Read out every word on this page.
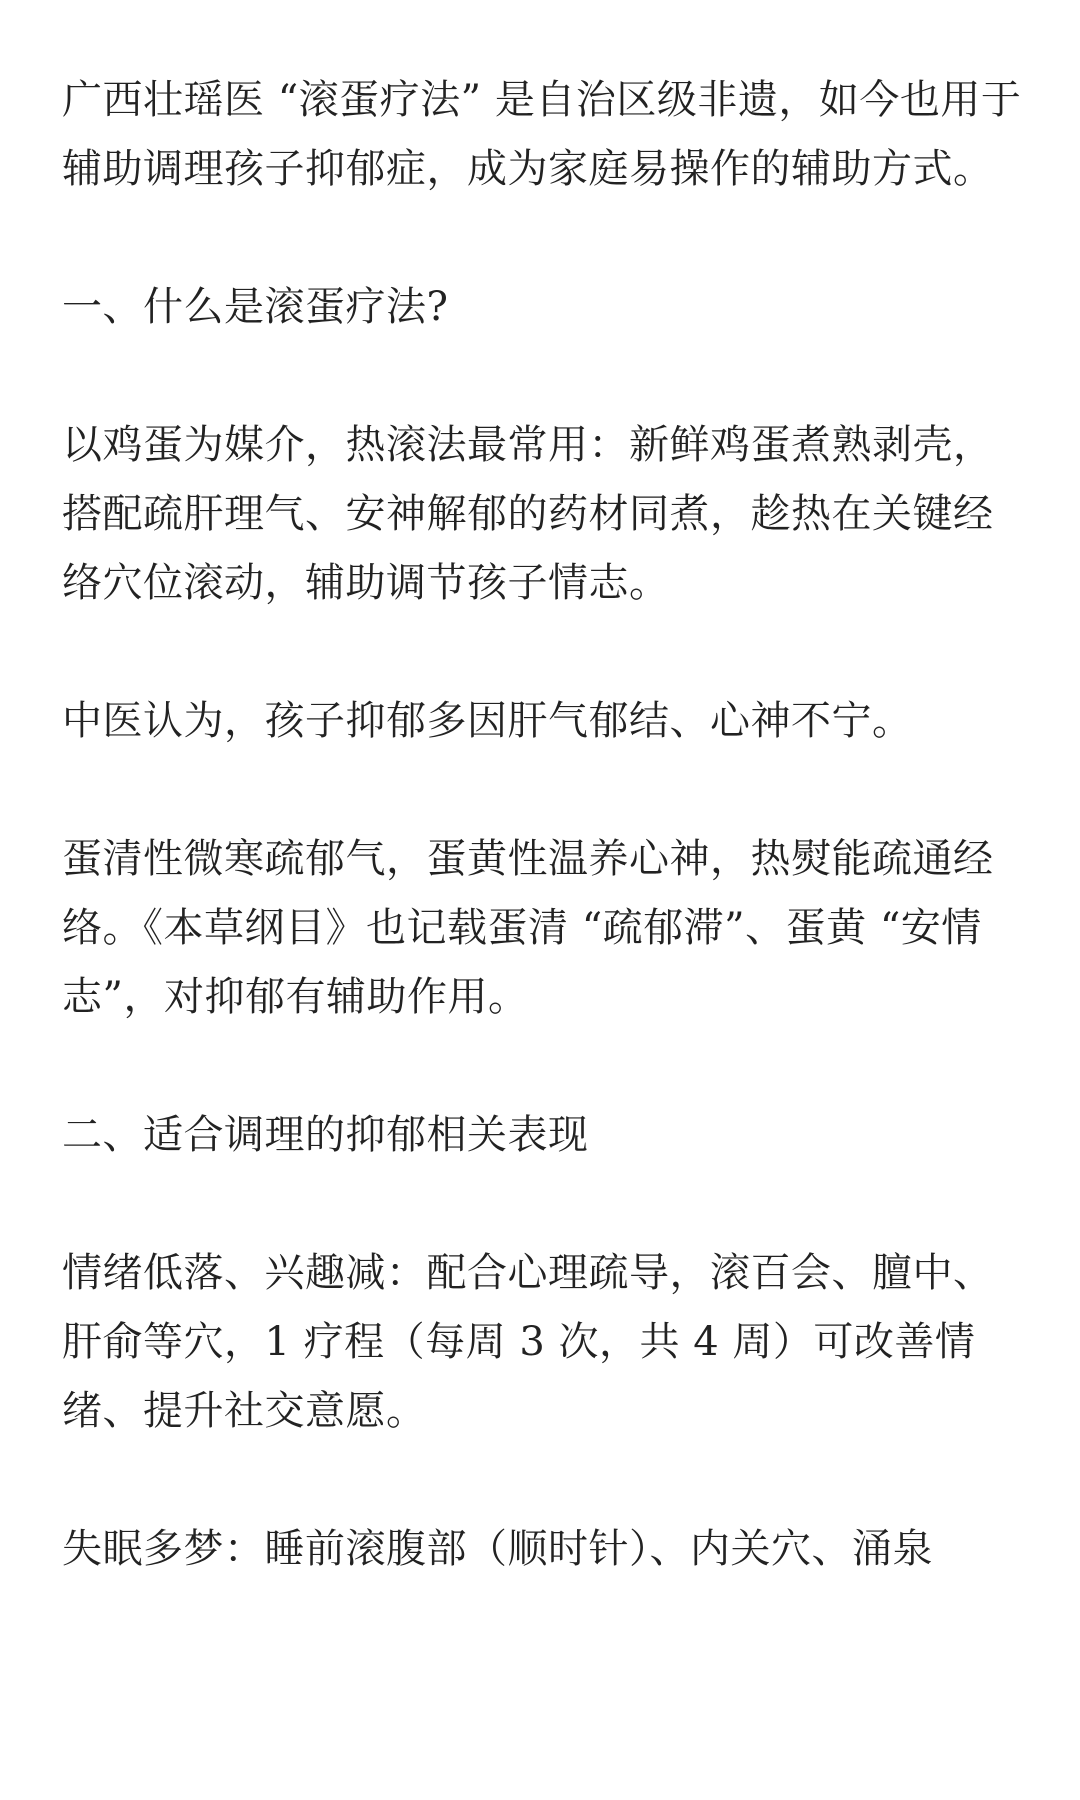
广西壮瑶医 “滚蛋疗法” 是自治区级非遗，如今也用于辅助调理孩子抑郁症，成为家庭易操作的辅助方式。

一、什么是滚蛋疗法?

以鸡蛋为媒介，热滚法最常用：新鲜鸡蛋煮熟剥壳，搭配疏肝理气、安神解郁的药材同煮，趁热在关键经络穴位滚动，辅助调节孩子情志。

中医认为，孩子抑郁多因肝气郁结、心神不宁。

蛋清性微寒疏郁气，蛋黄性温养心神，热熨能疏通经络。《本草纲目》也记载蛋清 “疏郁滞”、蛋黄 “安情志”，对抑郁有辅助作用。

二、适合调理的抑郁相关表现

情绪低落、兴趣减：配合心理疏导，滚百会、膻中、肝俞等穴，1 疗程（每周 3 次，共 4 周）可改善情绪、提升社交意愿。

失眠多梦：睡前滚腹部（顺时针）、内关穴、涌泉
